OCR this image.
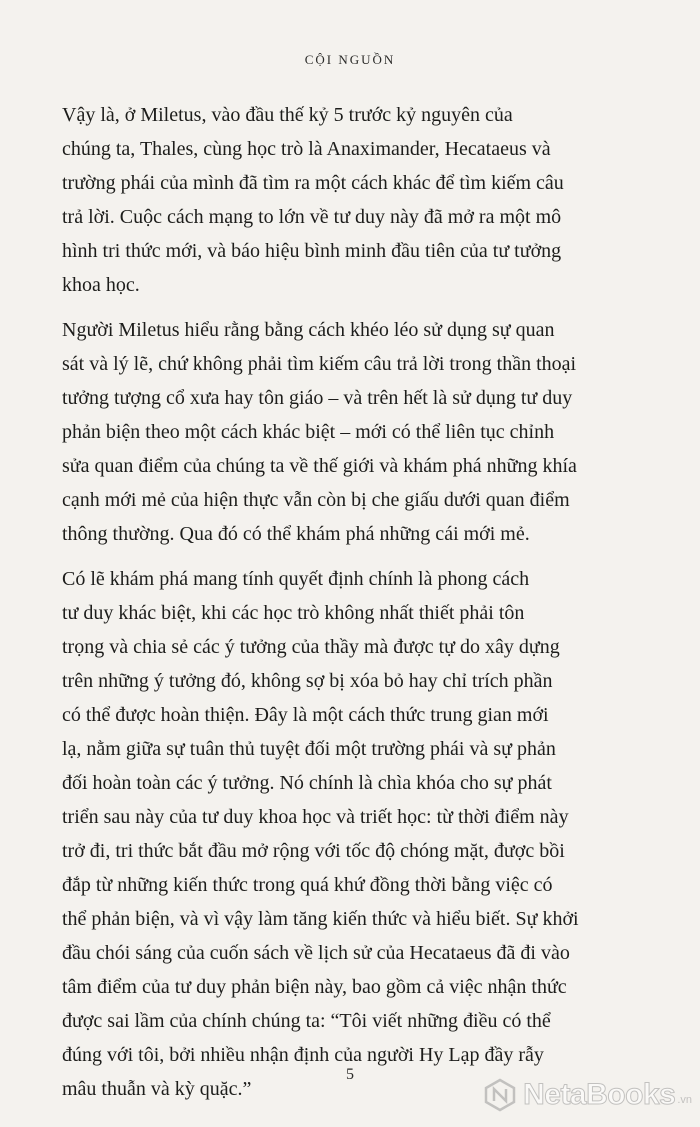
CỘI NGUỒN

Vậy là, ở Miletus, vào đầu thế kỷ 5 trước kỷ nguyên của
chúng ta, Thales, cùng học trò là Anaximander, Hecataeus và
trường phái của mình đã tìm ra một cách khác để tìm kiếm câu
trả lời. Cuộc cách mạng to lớn về tư duy này đã mở ra một mô
hình tri thức mới, và báo hiệu bình minh đầu tiên của tư tưởng
khoa học.

Người Miletus hiểu rằng bằng cách khéo léo sử dụng sự quan
sát và lý lẽ, chứ không phải tìm kiếm câu trả lời trong thần thoại
tưởng tượng cổ xưa hay tôn giáo – và trên hết là sử dụng tư duy
phản biện theo một cách khác biệt – mới có thể liên tục chỉnh
sửa quan điểm của chúng ta về thế giới và khám phá những khía
cạnh mới mẻ của hiện thực vẫn còn bị che giấu dưới quan điểm
thông thường. Qua đó có thể khám phá những cái mới mẻ.

Có lẽ khám phá mang tính quyết định chính là phong cách
tư duy khác biệt, khi các học trò không nhất thiết phải tôn
trọng và chia sẻ các ý tưởng của thầy mà được tự do xây dựng
trên những ý tưởng đó, không sợ bị xóa bỏ hay chỉ trích phần
có thể được hoàn thiện. Đây là một cách thức trung gian mới
lạ, nằm giữa sự tuân thủ tuyệt đối một trường phái và sự phản
đối hoàn toàn các ý tưởng. Nó chính là chìa khóa cho sự phát
triển sau này của tư duy khoa học và triết học: từ thời điểm này
trở đi, tri thức bắt đầu mở rộng với tốc độ chóng mặt, được bồi
đắp từ những kiến thức trong quá khứ đồng thời bằng việc có
thể phản biện, và vì vậy làm tăng kiến thức và hiểu biết. Sự khởi
đầu chói sáng của cuốn sách về lịch sử của Hecataeus đã đi vào
tâm điểm của tư duy phản biện này, bao gồm cả việc nhận thức
được sai lầm của chính chúng ta: “Tôi viết những điều có thể
đúng với tôi, bởi nhiều nhận định của người Hy Lạp đầy rẫy
mâu thuẫn và kỳ quặc.”

5
NetaBooks .vn
